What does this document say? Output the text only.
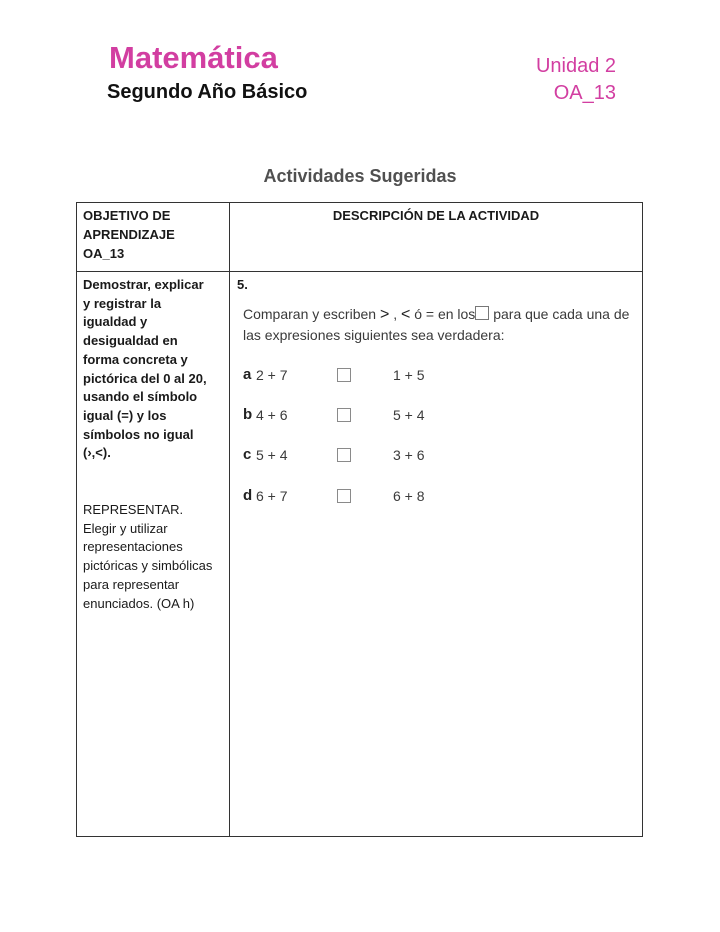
Matemática
Segundo Año Básico
Unidad 2
OA_13
Actividades Sugeridas
OBJETIVO DE
APRENDIZAJE
OA_13
DESCRIPCIÓN DE LA ACTIVIDAD
Demostrar, explicar
y registrar la
igualdad y
desigualdad en
forma concreta y
pictórica del 0 al 20,
usando el símbolo
igual (=) y los
símbolos no igual
(›,<).
REPRESENTAR.
Elegir y utilizar
representaciones
pictóricas y simbólicas
para representar
enunciados. (OA h)
5.
Comparan y escriben > , < ó = en los para que cada una de las expresiones siguientes sea verdadera:
a 2 + 7	1 + 5
b 4 + 6	5 + 4
c 5 + 4	3 + 6
d 6 + 7	6 + 8
